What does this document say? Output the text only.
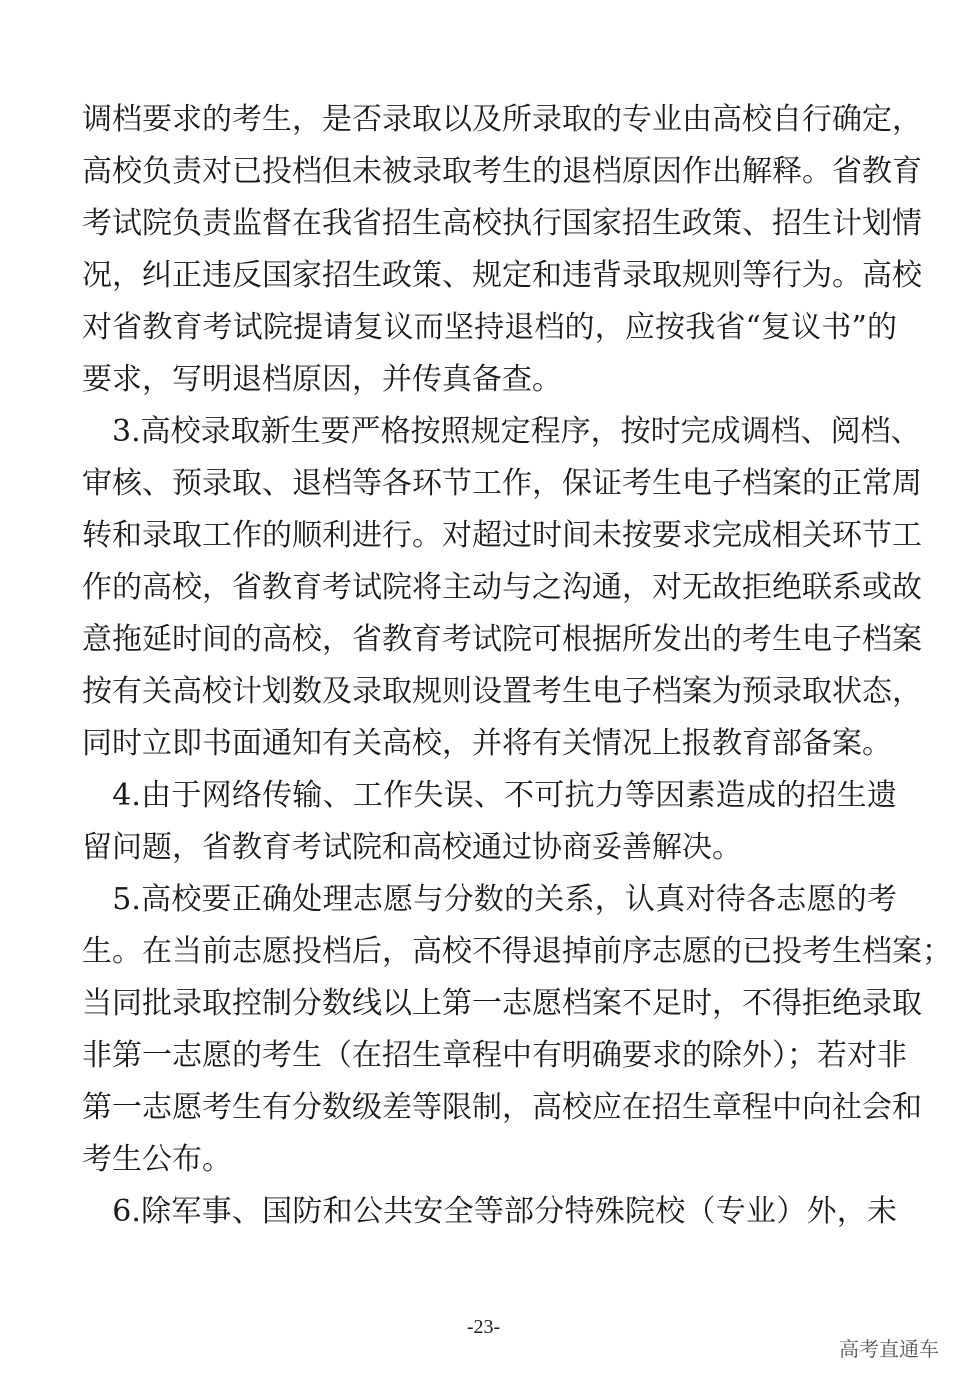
调档要求的考生，是否录取以及所录取的专业由高校自行确定，
高校负责对已投档但未被录取考生的退档原因作出解释。省教育
考试院负责监督在我省招生高校执行国家招生政策、招生计划情
况，纠正违反国家招生政策、规定和违背录取规则等行为。高校
对省教育考试院提请复议而坚持退档的，应按我省“复议书”的
要求，写明退档原因，并传真备查。
　3.高校录取新生要严格按照规定程序，按时完成调档、阅档、
审核、预录取、退档等各环节工作，保证考生电子档案的正常周
转和录取工作的顺利进行。对超过时间未按要求完成相关环节工
作的高校，省教育考试院将主动与之沟通，对无故拒绝联系或故
意拖延时间的高校，省教育考试院可根据所发出的考生电子档案
按有关高校计划数及录取规则设置考生电子档案为预录取状态，
同时立即书面通知有关高校，并将有关情况上报教育部备案。
　4.由于网络传输、工作失误、不可抗力等因素造成的招生遗
留问题，省教育考试院和高校通过协商妥善解决。
　5.高校要正确处理志愿与分数的关系，认真对待各志愿的考
生。在当前志愿投档后，高校不得退掉前序志愿的已投考生档案；
当同批录取控制分数线以上第一志愿档案不足时，不得拒绝录取
非第一志愿的考生（在招生章程中有明确要求的除外）；若对非
第一志愿考生有分数级差等限制，高校应在招生章程中向社会和
考生公布。
　6.除军事、国防和公共安全等部分特殊院校（专业）外，未
-23-
高考直通车
